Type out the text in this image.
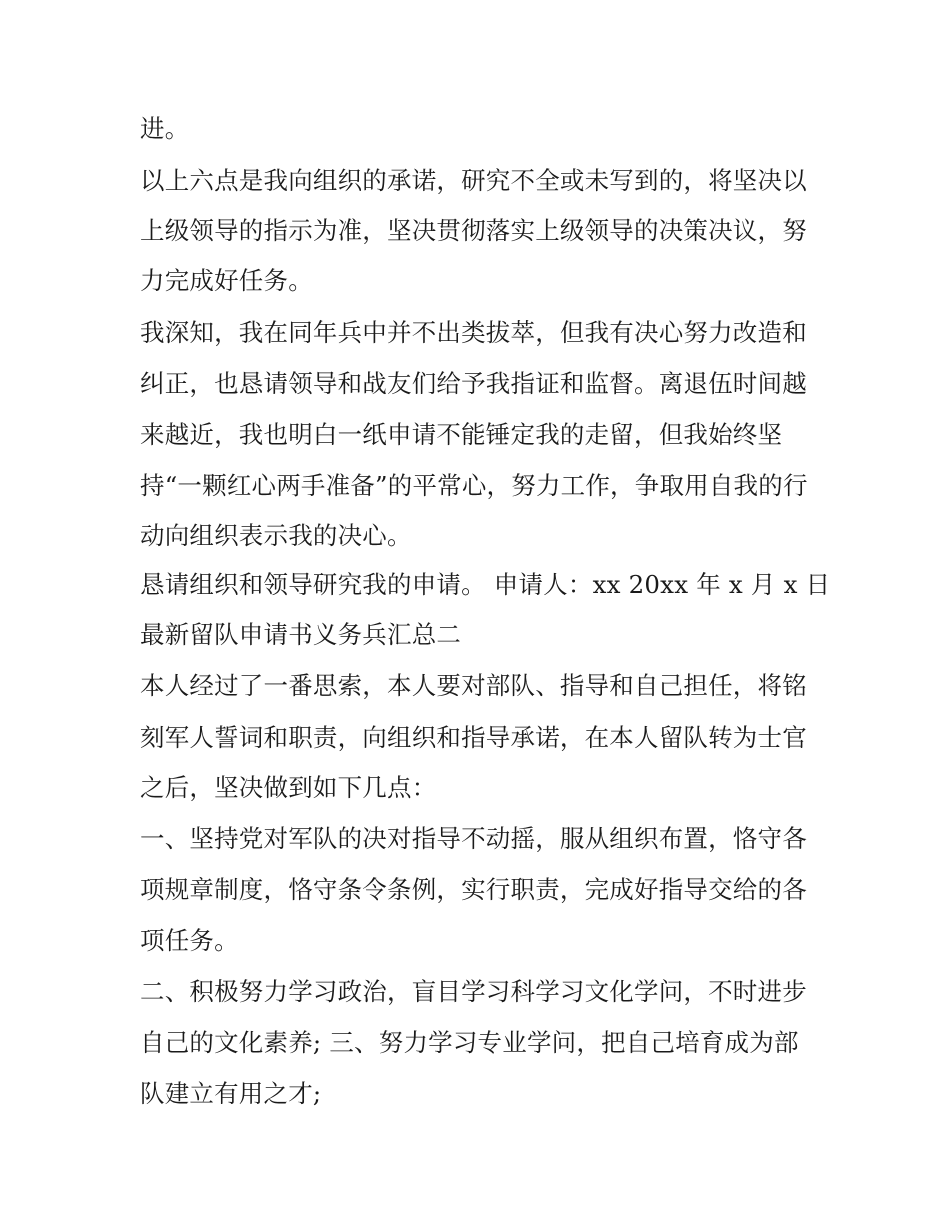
进。
以上六点是我向组织的承诺，研究不全或未写到的，将坚决以
上级领导的指示为准，坚决贯彻落实上级领导的决策决议，努
力完成好任务。
我深知，我在同年兵中并不出类拔萃，但我有决心努力改造和
纠正，也恳请领导和战友们给予我指证和监督。离退伍时间越
来越近，我也明白一纸申请不能锤定我的走留，但我始终坚
持“一颗红心两手准备”的平常心，努力工作，争取用自我的行
动向组织表示我的决心。
恳请组织和领导研究我的申请。 申请人：xx 20xx 年 x 月 x 日
最新留队申请书义务兵汇总二
本人经过了一番思索，本人要对部队、指导和自己担任，将铭
刻军人誓词和职责，向组织和指导承诺，在本人留队转为士官
之后，坚决做到如下几点：
一、坚持党对军队的决对指导不动摇，服从组织布置，恪守各
项规章制度，恪守条令条例，实行职责，完成好指导交给的各
项任务。
二、积极努力学习政治，盲目学习科学习文化学问，不时进步
自己的文化素养; 三、努力学习专业学问，把自己培育成为部
队建立有用之才;
